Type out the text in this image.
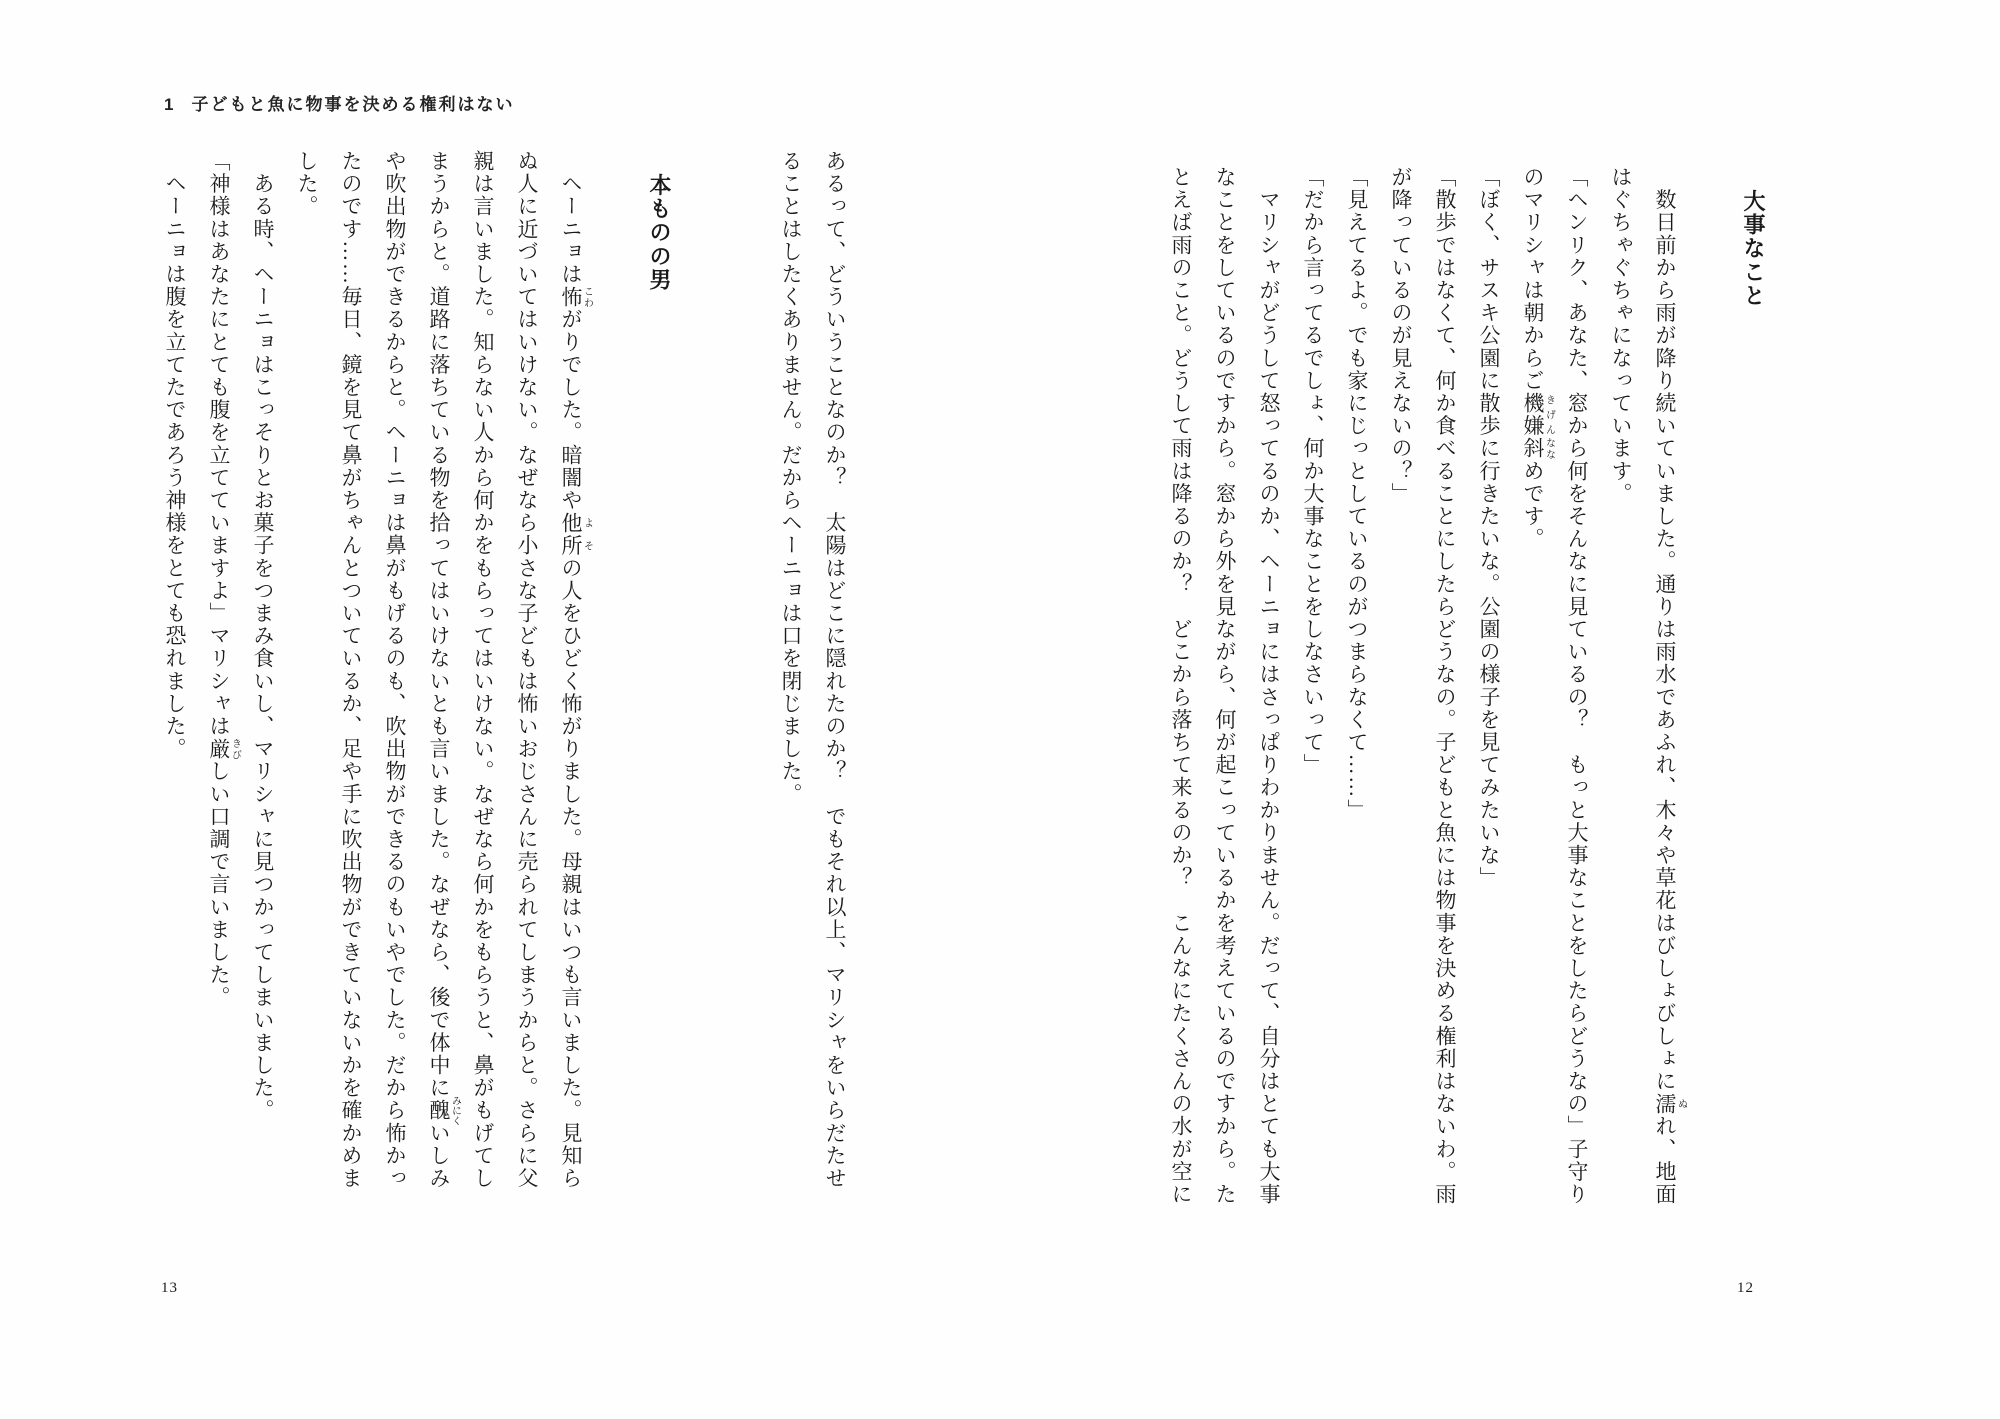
1 子どもと魚に物事を決める権利はない
あるって、どういうことなのか？　太陽はどこに隠れたのか？　でもそれ以上、マリシャをいらだたせ
ることはしたくありません。だからヘーニョは口を閉じました。
　本ものの男
　ヘーニョは怖こわがりでした。暗闇や他所よその人をひどく怖がりました。母親はいつも言いました。見知ら
ぬ人に近づいてはいけない。なぜなら小さな子どもは怖いおじさんに売られてしまうからと。さらに父
親は言いました。知らない人から何かをもらってはいけない。なぜなら何かをもらうと、鼻がもげてし
まうからと。道路に落ちている物を拾ってはいけないとも言いました。なぜなら、後で体中に醜みにくいしみ
や吹出物ができるからと。ヘーニョは鼻がもげるのも、吹出物ができるのもいやでした。だから怖かっ
たのです……毎日、鏡を見て鼻がちゃんとついているか、足や手に吹出物ができていないかを確かめま
した。
　ある時、ヘーニョはこっそりとお菓子をつまみ食いし、マリシャに見つかってしまいました。
「神様はあなたにとても腹を立てていますよ」マリシャは厳きびしい口調で言いました。
　ヘーニョは腹を立てたであろう神様をとても恐れました。
13
　大事なこと
　数日前から雨が降り続いていました。通りは雨水であふれ、木々や草花はびしょびしょに濡ぬれ、地面
はぐちゃぐちゃになっています。
「ヘンリク、あなた、窓から何をそんなに見ているの？　もっと大事なことをしたらどうなの」子守り
のマリシャは朝からご機嫌きげん斜ななめです。
「ぼく、サスキ公園に散歩に行きたいな。公園の様子を見てみたいな」
「散歩ではなくて、何か食べることにしたらどうなの。子どもと魚には物事を決める権利はないわ。雨
が降っているのが見えないの？」
「見えてるよ。でも家にじっとしているのがつまらなくて……」
「だから言ってるでしょ、何か大事なことをしなさいって」
　マリシャがどうして怒ってるのか、ヘーニョにはさっぱりわかりません。だって、自分はとても大事
なことをしているのですから。窓から外を見ながら、何が起こっているかを考えているのですから。た
とえば雨のこと。どうして雨は降るのか？　どこから落ちて来るのか？　こんなにたくさんの水が空に
12
